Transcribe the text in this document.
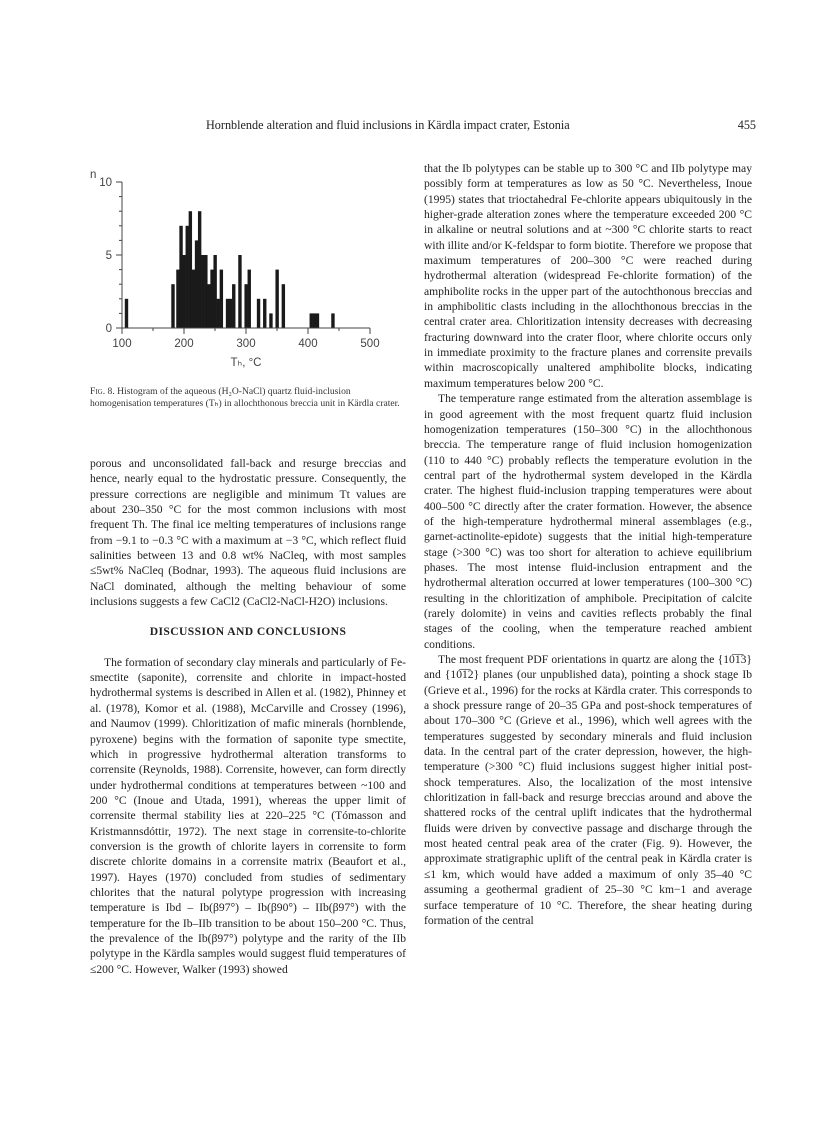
Hornblende alteration and fluid inclusions in Kärdla impact crater, Estonia	455
0
5
10
100	200	300	400	500
n
Tₕ, °C
Fig. 8. Histogram of the aqueous (H₂O-NaCl) quartz fluid-inclusion homogenisation temperatures (Tₕ) in allochthonous breccia unit in Kärdla crater.

porous and unconsolidated fall-back and resurge breccias and hence, nearly equal to the hydrostatic pressure. Consequently, the pressure corrections are negligible and minimum Tt values are about 230–350 °C for the most common inclusions with most frequent Th. The final ice melting temperatures of inclusions range from −9.1 to −0.3 °C with a maximum at −3 °C, which reflect fluid salinities between 13 and 0.8 wt% NaCleq, with most samples ≤5wt% NaCleq (Bodnar, 1993). The aqueous fluid inclusions are NaCl dominated, although the melting behaviour of some inclusions suggests a few CaCl2 (CaCl2-NaCl-H2O) inclusions.

DISCUSSION AND CONCLUSIONS

The formation of secondary clay minerals and particularly of Fe-smectite (saponite), corrensite and chlorite in impact-hosted hydrothermal systems is described in Allen et al. (1982), Phinney et al. (1978), Komor et al. (1988), McCarville and Crossey (1996), and Naumov (1999). Chloritization of mafic minerals (hornblende, pyroxene) begins with the formation of saponite type smectite, which in progressive hydrothermal alteration transforms to corrensite (Reynolds, 1988). Corrensite, however, can form directly under hydrothermal conditions at temperatures between ~100 and 200 °C (Inoue and Utada, 1991), whereas the upper limit of corrensite thermal stability lies at 220–225 °C (Tómasson and Kristmannsdóttir, 1972). The next stage in corrensite-to-chlorite conversion is the growth of chlorite layers in corrensite to form discrete chlorite domains in a corrensite matrix (Beaufort et al., 1997). Hayes (1970) concluded from studies of sedimentary chlorites that the natural polytype progression with increasing temperature is Ibd – Ib(β97°) – Ib(β90°) – IIb(β97°) with the temperature for the Ib–IIb transition to be about 150–200 °C. Thus, the prevalence of the Ib(β97°) polytype and the rarity of the IIb polytype in the Kärdla samples would suggest fluid temperatures of ≤200 °C. However, Walker (1993) showed

that the Ib polytypes can be stable up to 300 °C and IIb polytype may possibly form at temperatures as low as 50 °C. Nevertheless, Inoue (1995) states that trioctahedral Fe-chlorite appears ubiquitously in the higher-grade alteration zones where the temperature exceeded 200 °C in alkaline or neutral solutions and at ~300 °C chlorite starts to react with illite and/or K-feldspar to form biotite. Therefore we propose that maximum temperatures of 200–300 °C were reached during hydrothermal alteration (widespread Fe-chlorite formation) of the amphibolite rocks in the upper part of the autochthonous breccias and in amphibolitic clasts including in the allochthonous breccias in the central crater area. Chloritization intensity decreases with decreasing fracturing downward into the crater floor, where chlorite occurs only in immediate proximity to the fracture planes and corrensite prevails within macroscopically unaltered amphibolite blocks, indicating maximum temperatures below 200 °C.

The temperature range estimated from the alteration assemblage is in good agreement with the most frequent quartz fluid inclusion homogenization temperatures (150–300 °C) in the allochthonous breccia. The temperature range of fluid inclusion homogenization (110 to 440 °C) probably reflects the temperature evolution in the central part of the hydrothermal system developed in the Kärdla crater. The highest fluid-inclusion trapping temperatures were about 400–500 °C directly after the crater formation. However, the absence of the high-temperature hydrothermal mineral assemblages (e.g., garnet-actinolite-epidote) suggests that the initial high-temperature stage (>300 °C) was too short for alteration to achieve equilibrium phases. The most intense fluid-inclusion entrapment and the hydrothermal alteration occurred at lower temperatures (100–300 °C) resulting in the chloritization of amphibole. Precipitation of calcite (rarely dolomite) in veins and cavities reflects probably the final stages of the cooling, when the temperature reached ambient conditions.

The most frequent PDF orientations in quartz are along the {10̅1̅3} and {10̅1̅2} planes (our unpublished data), pointing a shock stage Ib (Grieve et al., 1996) for the rocks at Kärdla crater. This corresponds to a shock pressure range of 20–35 GPa and post-shock temperatures of about 170–300 °C (Grieve et al., 1996), which well agrees with the temperatures suggested by secondary minerals and fluid inclusion data. In the central part of the crater depression, however, the high-temperature (>300 °C) fluid inclusions suggest higher initial post-shock temperatures. Also, the localization of the most intensive chloritization in fall-back and resurge breccias around and above the shattered rocks of the central uplift indicates that the hydrothermal fluids were driven by convective passage and discharge through the most heated central peak area of the crater (Fig. 9). However, the approximate stratigraphic uplift of the central peak in Kärdla crater is ≤1 km, which would have added a maximum of only 35–40 °C assuming a geothermal gradient of 25–30 °C km−1 and average surface temperature of 10 °C. Therefore, the shear heating during formation of the central
